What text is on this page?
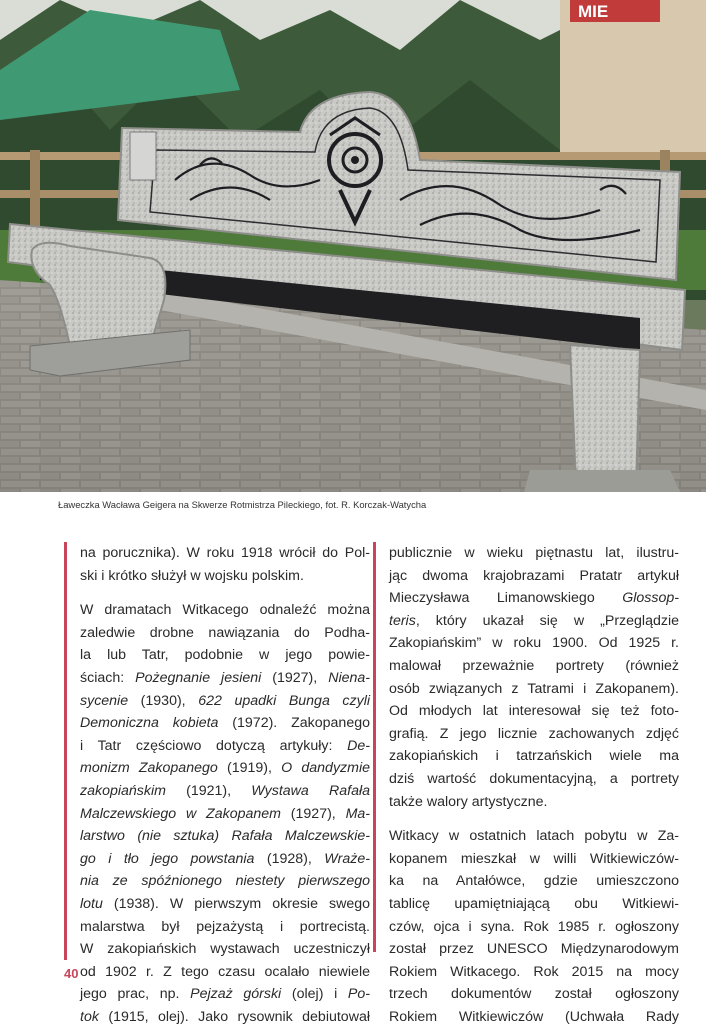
MIE
Ławeczka Wacława Geigera na Skwerze Rotmistrza Pileckiego, fot. R. Korczak-Watycha

na porucznika). W roku 1918 wrócił do Pol-
ski i krótko służył w wojsku polskim.

W dramatach Witkacego odnaleźć można
zaledwie drobne nawiązania do Podha-
la lub Tatr, podobnie w jego powie-
ściach: Pożegnanie jesieni (1927), Niena-
sycenie (1930), 622 upadki Bunga czyli
Demoniczna kobieta (1972). Zakopanego
i Tatr częściowo dotyczą artykuły: De-
monizm Zakopanego (1919), O dandyzmie
zakopiańskim (1921), Wystawa Rafała
Malczewskiego w Zakopanem (1927), Ma-
larstwo (nie sztuka) Rafała Malczewskie-
go i tło jego powstania (1928), Wraże-
nia ze spóźnionego niestety pierwszego
lotu (1938). W pierwszym okresie swego
malarstwa był pejzażystą i portrecistą.
W zakopiańskich wystawach uczestniczył
od 1902 r. Z tego czasu ocalało niewiele
jego prac, np. Pejzaż górski (olej) i Po-
tok (1915, olej). Jako rysownik debiutował

publicznie w wieku piętnastu lat, ilustru-
jąc dwoma krajobrazami Pratatr artykuł
Mieczysława Limanowskiego Glossop-
teris, który ukazał się w „Przeglądzie
Zakopiańskim” w roku 1900. Od 1925 r.
malował przeważnie portrety (również
osób związanych z Tatrami i Zakopanem).
Od młodych lat interesował się też foto-
grafią. Z jego licznie zachowanych zdjęć
zakopiańskich i tatrzańskich wiele ma
dziś wartość dokumentacyjną, a portrety
także walory artystyczne.

Witkacy w ostatnich latach pobytu w Za-
kopanem mieszkał w willi Witkiewiczów-
ka na Antałówce, gdzie umieszczono
tablicę upamiętniającą obu Witkiewi-
czów, ojca i syna. Rok 1985 r. ogłoszony
został przez UNESCO Międzynarodowym
Rokiem Witkacego. Rok 2015 na mocy
trzech dokumentów został ogłoszony
Rokiem Witkiewiczów (Uchwała Rady

40
